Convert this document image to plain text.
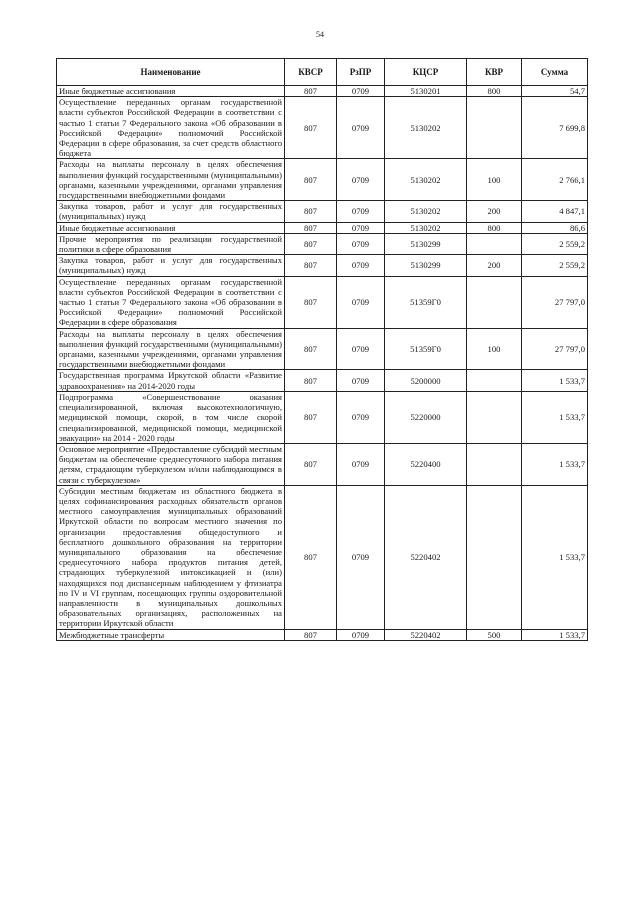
54
Наименование	КВСР	РзПР	КЦСР	КВР	Сумма
Иные бюджетные ассигнования	807	0709	5130201	800	54,7
Осуществление переданных органам государственной власти субъектов Российской Федерации в соответствии с частью 1 статьи 7 Федерального закона «Об образовании в Российской Федерации» полномочий Российской Федерации в сфере образования, за счет средств областного бюджета	807	0709	5130202		7 699,8
Расходы на выплаты персоналу в целях обеспечения выполнения функций государственными (муниципальными) органами, казенными учреждениями, органами управления государственными внебюджетными фондами	807	0709	5130202	100	2 766,1
Закупка товаров, работ и услуг для государственных (муниципальных) нужд	807	0709	5130202	200	4 847,1
Иные бюджетные ассигнования	807	0709	5130202	800	86,6
Прочие мероприятия по реализации государственной политики в сфере образования	807	0709	5130299		2 559,2
Закупка товаров, работ и услуг для государственных (муниципальных) нужд	807	0709	5130299	200	2 559,2
Осуществление переданных органам государственной власти субъектов Российской Федерации в соответствии с частью 1 статьи 7 Федерального закона «Об образовании в Российской Федерации» полномочий Российской Федерации в сфере образования	807	0709	51359Г0		27 797,0
Расходы на выплаты персоналу в целях обеспечения выполнения функций государственными (муниципальными) органами, казенными учреждениями, органами управления государственными внебюджетными фондами	807	0709	51359Г0	100	27 797,0
Государственная программа Иркутской области «Развитие здравоохранения» на 2014-2020 годы	807	0709	5200000		1 533,7
Подпрограмма «Совершенствование оказания специализированной, включая высокотехнологичную, медицинской помощи, скорой, в том числе скорой специализированной, медицинской помощи, медицинской эвакуации» на 2014 - 2020 годы	807	0709	5220000		1 533,7
Основное мероприятие «Предоставление субсидий местным бюджетам на обеспечение среднесуточного набора питания детям, страдающим туберкулезом и/или наблюдающимся в связи с туберкулезом»	807	0709	5220400		1 533,7
Субсидии местным бюджетам из областного бюджета в целях софинансирования расходных обязательств органов местного самоуправления муниципальных образований Иркутской области по вопросам местного значения по организации предоставления общедоступного и бесплатного дошкольного образования на территории муниципального образования на обеспечение среднесуточного набора продуктов питания детей, страдающих туберкулезной интоксикацией и (или) находящихся под диспансерным наблюдением у фтизиатра по IV и VI группам, посещающих группы оздоровительной направленности в муниципальных дошкольных образовательных организациях, расположенных на территории Иркутской области	807	0709	5220402		1 533,7
Межбюджетные трансферты	807	0709	5220402	500	1 533,7
